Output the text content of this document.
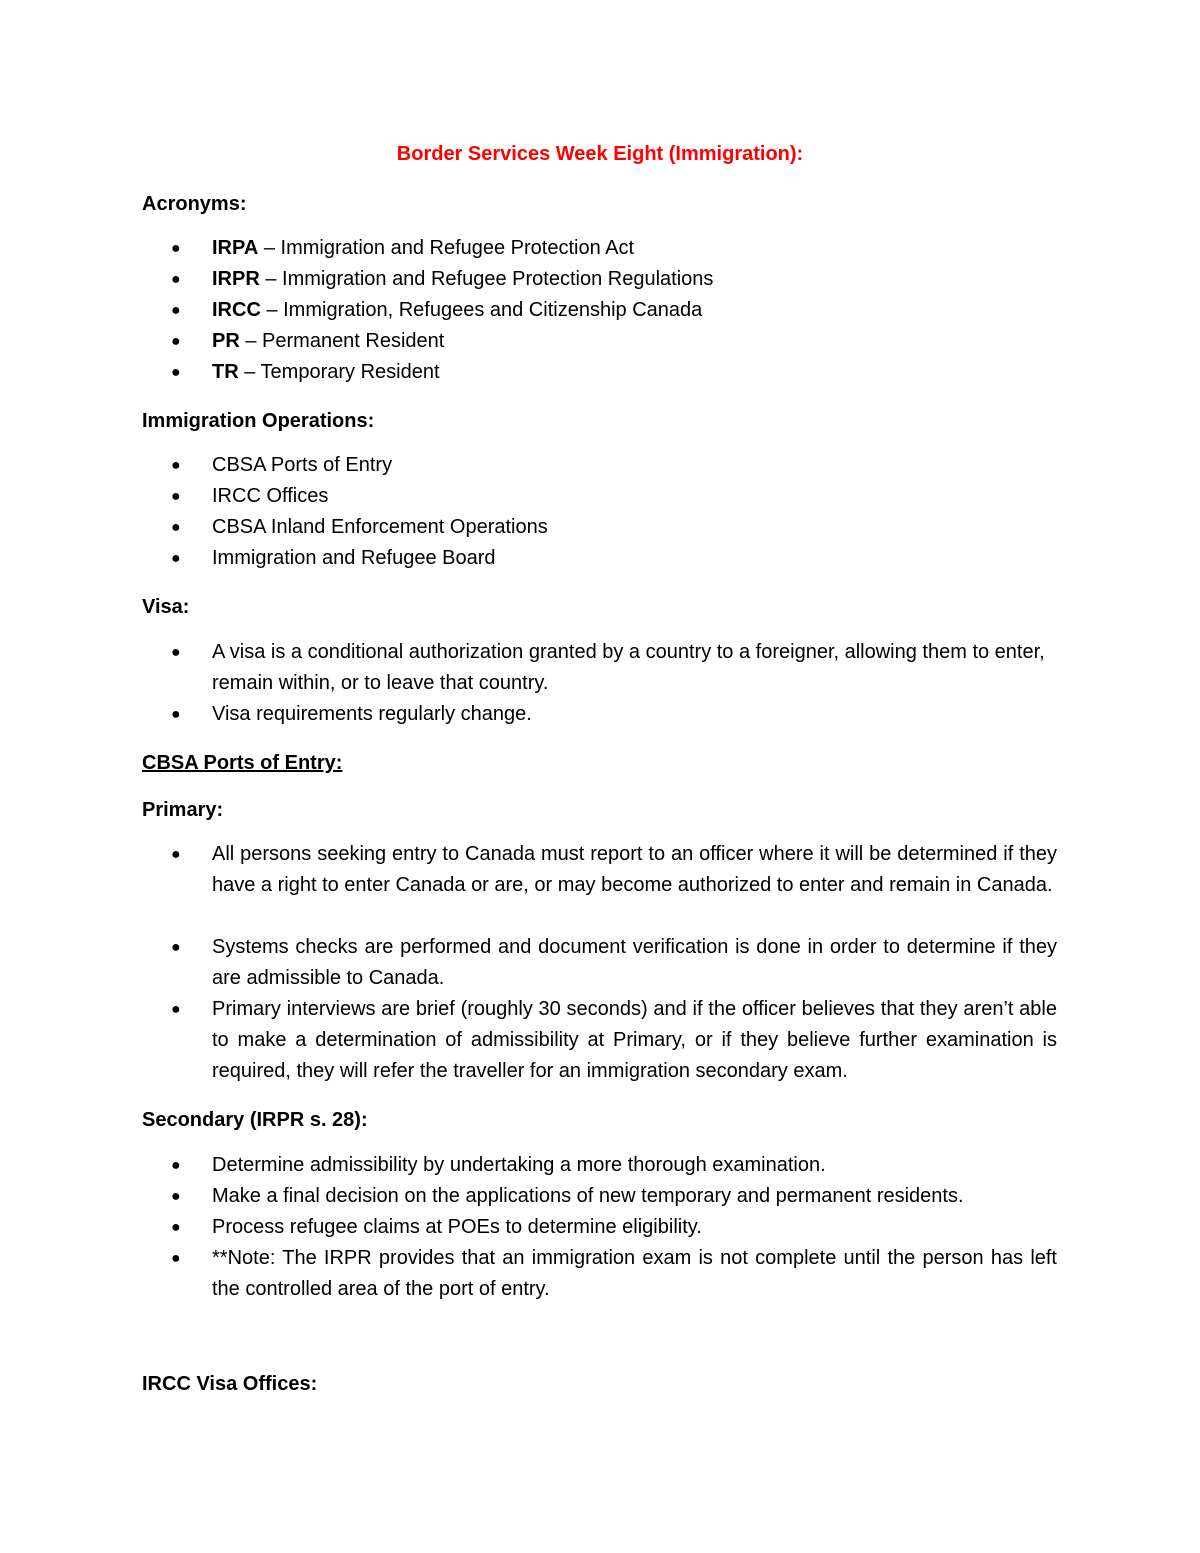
Border Services Week Eight (Immigration):
Acronyms:
● IRPA – Immigration and Refugee Protection Act
● IRPR – Immigration and Refugee Protection Regulations
● IRCC – Immigration, Refugees and Citizenship Canada
● PR – Permanent Resident
● TR – Temporary Resident
Immigration Operations:
● CBSA Ports of Entry
● IRCC Offices
● CBSA Inland Enforcement Operations
● Immigration and Refugee Board
Visa:
● A visa is a conditional authorization granted by a country to a foreigner, allowing them to enter, remain within, or to leave that country.
● Visa requirements regularly change.
CBSA Ports of Entry:
Primary:
● All persons seeking entry to Canada must report to an officer where it will be determined if they have a right to enter Canada or are, or may become authorized to enter and remain in Canada.
● Systems checks are performed and document verification is done in order to determine if they are admissible to Canada.
● Primary interviews are brief (roughly 30 seconds) and if the officer believes that they aren’t able to make a determination of admissibility at Primary, or if they believe further examination is required, they will refer the traveller for an immigration secondary exam.
Secondary (IRPR s. 28):
● Determine admissibility by undertaking a more thorough examination.
● Make a final decision on the applications of new temporary and permanent residents.
● Process refugee claims at POEs to determine eligibility.
● **Note: The IRPR provides that an immigration exam is not complete until the person has left the controlled area of the port of entry.
IRCC Visa Offices:
